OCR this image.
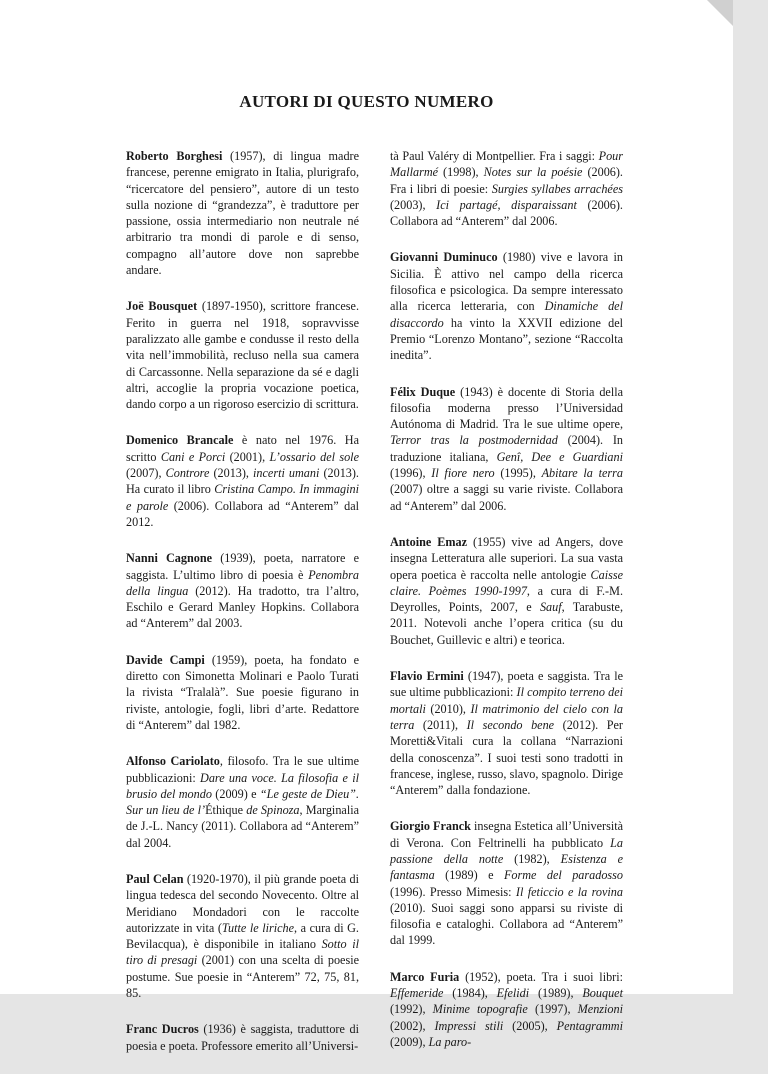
AUTORI DI QUESTO NUMERO

Roberto Borghesi (1957), di lingua madre francese, perenne emigrato in Italia, plurigrafo, “ricercatore del pensiero”, autore di un testo sulla nozione di “grandezza”, è traduttore per passione, ossia intermediario non neutrale né arbitrario tra mondi di parole e di senso, compagno all’autore dove non saprebbe andare.

Joë Bousquet (1897-1950), scrittore francese. Ferito in guerra nel 1918, sopravvisse paralizzato alle gambe e condusse il resto della vita nell’immobilità, recluso nella sua camera di Carcassonne. Nella separazione da sé e dagli altri, accoglie la propria vocazione poetica, dando corpo a un rigoroso esercizio di scrittura.

Domenico Brancale è nato nel 1976. Ha scritto Cani e Porci (2001), L’ossario del sole (2007), Controre (2013), incerti umani (2013). Ha curato il libro Cristina Campo. In immagini e parole (2006). Collabora ad “Anterem” dal 2012.

Nanni Cagnone (1939), poeta, narratore e saggista. L’ultimo libro di poesia è Penombra della lingua (2012). Ha tradotto, tra l’altro, Eschilo e Gerard Manley Hopkins. Collabora ad “Anterem” dal 2003.

Davide Campi (1959), poeta, ha fondato e diretto con Simonetta Molinari e Paolo Turati la rivista “Tralalà”. Sue poesie figurano in riviste, antologie, fogli, libri d’arte. Redattore di “Anterem” dal 1982.

Alfonso Cariolato, filosofo. Tra le sue ultime pubblicazioni: Dare una voce. La filosofia e il brusio del mondo (2009) e “Le geste de Dieu”. Sur un lieu de l’Éthique de Spinoza, Marginalia de J.-L. Nancy (2011). Collabora ad “Anterem” dal 2004.

Paul Celan (1920-1970), il più grande poeta di lingua tedesca del secondo Novecento. Oltre al Meridiano Mondadori con le raccolte autorizzate in vita (Tutte le liriche, a cura di G. Bevilacqua), è disponibile in italiano Sotto il tiro di presagi (2001) con una scelta di poesie postume. Sue poesie in “Anterem” 72, 75, 81, 85.

Franc Ducros (1936) è saggista, traduttore di poesia e poeta. Professore emerito all’Universi-

tà Paul Valéry di Montpellier. Fra i saggi: Pour Mallarmé (1998), Notes sur la poésie (2006). Fra i libri di poesie: Surgies syllabes arrachées (2003), Ici partagé, disparaissant (2006). Collabora ad “Anterem” dal 2006.

Giovanni Duminuco (1980) vive e lavora in Sicilia. È attivo nel campo della ricerca filosofica e psicologica. Da sempre interessato alla ricerca letteraria, con Dinamiche del disaccordo ha vinto la XXVII edizione del Premio “Lorenzo Montano”, sezione “Raccolta inedita”.

Félix Duque (1943) è docente di Storia della filosofia moderna presso l’Universidad Autónoma di Madrid. Tra le sue ultime opere, Terror tras la postmodernidad (2004). In traduzione italiana, Genî, Dee e Guardiani (1996), Il fiore nero (1995), Abitare la terra (2007) oltre a saggi su varie riviste. Collabora ad “Anterem” dal 2006.

Antoine Emaz (1955) vive ad Angers, dove insegna Letteratura alle superiori. La sua vasta opera poetica è raccolta nelle antologie Caisse claire. Poèmes 1990-1997, a cura di F.-M. Deyrolles, Points, 2007, e Sauf, Tarabuste, 2011. Notevoli anche l’opera critica (su du Bouchet, Guillevic e altri) e teorica.

Flavio Ermini (1947), poeta e saggista. Tra le sue ultime pubblicazioni: Il compito terreno dei mortali (2010), Il matrimonio del cielo con la terra (2011), Il secondo bene (2012). Per Moretti&Vitali cura la collana “Narrazioni della conoscenza”. I suoi testi sono tradotti in francese, inglese, russo, slavo, spagnolo. Dirige “Anterem” dalla fondazione.

Giorgio Franck insegna Estetica all’Università di Verona. Con Feltrinelli ha pubblicato La passione della notte (1982), Esistenza e fantasma (1989) e Forme del paradosso (1996). Presso Mimesis: Il feticcio e la rovina (2010). Suoi saggi sono apparsi su riviste di filosofia e cataloghi. Collabora ad “Anterem” dal 1999.

Marco Furia (1952), poeta. Tra i suoi libri: Effemeride (1984), Efelidi (1989), Bouquet (1992), Minime topografie (1997), Menzioni (2002), Impressi stili (2005), Pentagrammi (2009), La paro-
